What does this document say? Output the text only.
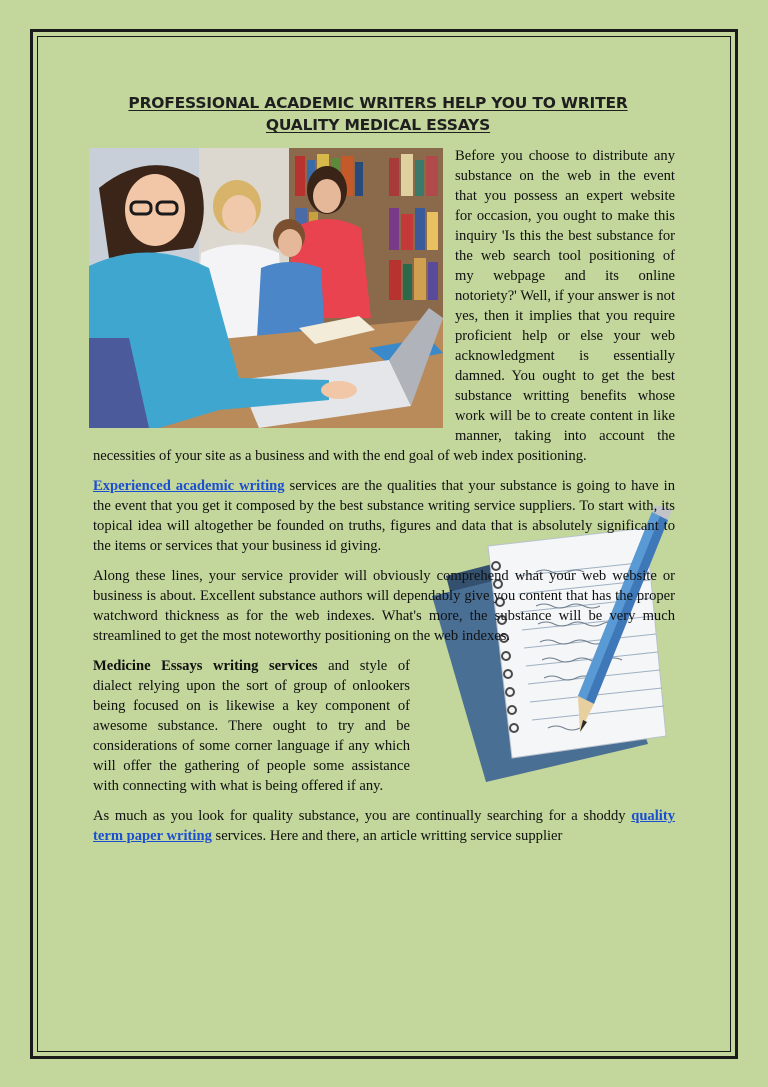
PROFESSIONAL ACADEMIC WRITERS HELP YOU TO WRITER QUALITY MEDICAL ESSAYS

Before you choose to distribute any substance on the web in the event that you possess an expert website for occasion, you ought to make this inquiry 'Is this the best substance for the web search tool positioning of my webpage and its online notoriety?' Well, if your answer is not yes, then it implies that you require proficient help or else your web acknowledgment is essentially damned. You ought to get the best substance writting benefits whose work will be to create content in like manner, taking into account the necessities of your site as a business and with the end goal of web index positioning.

Experienced academic writing services are the qualities that your substance is going to have in the event that you get it composed by the best substance writing service suppliers. To start with, its topical idea will altogether be founded on truths, figures and data that is absolutely significant to the items or services that your business id giving.

Along these lines, your service provider will obviously comprehend what your web website or business is about. Excellent substance authors will dependably give you content that has the proper watchword thickness as for the web indexes. What's more, the substance will be very much streamlined to get the most noteworthy positioning on the web indexes.

Medicine Essays writing services and style of dialect relying upon the sort of group of onlookers being focused on is likewise a key component of awesome substance. There ought to try and be considerations of some corner language if any which will offer the gathering of people some assistance with connecting with what is being offered if any.

As much as you look for quality substance, you are continually searching for a shoddy quality term paper writing services. Here and there, an article writting service supplier
